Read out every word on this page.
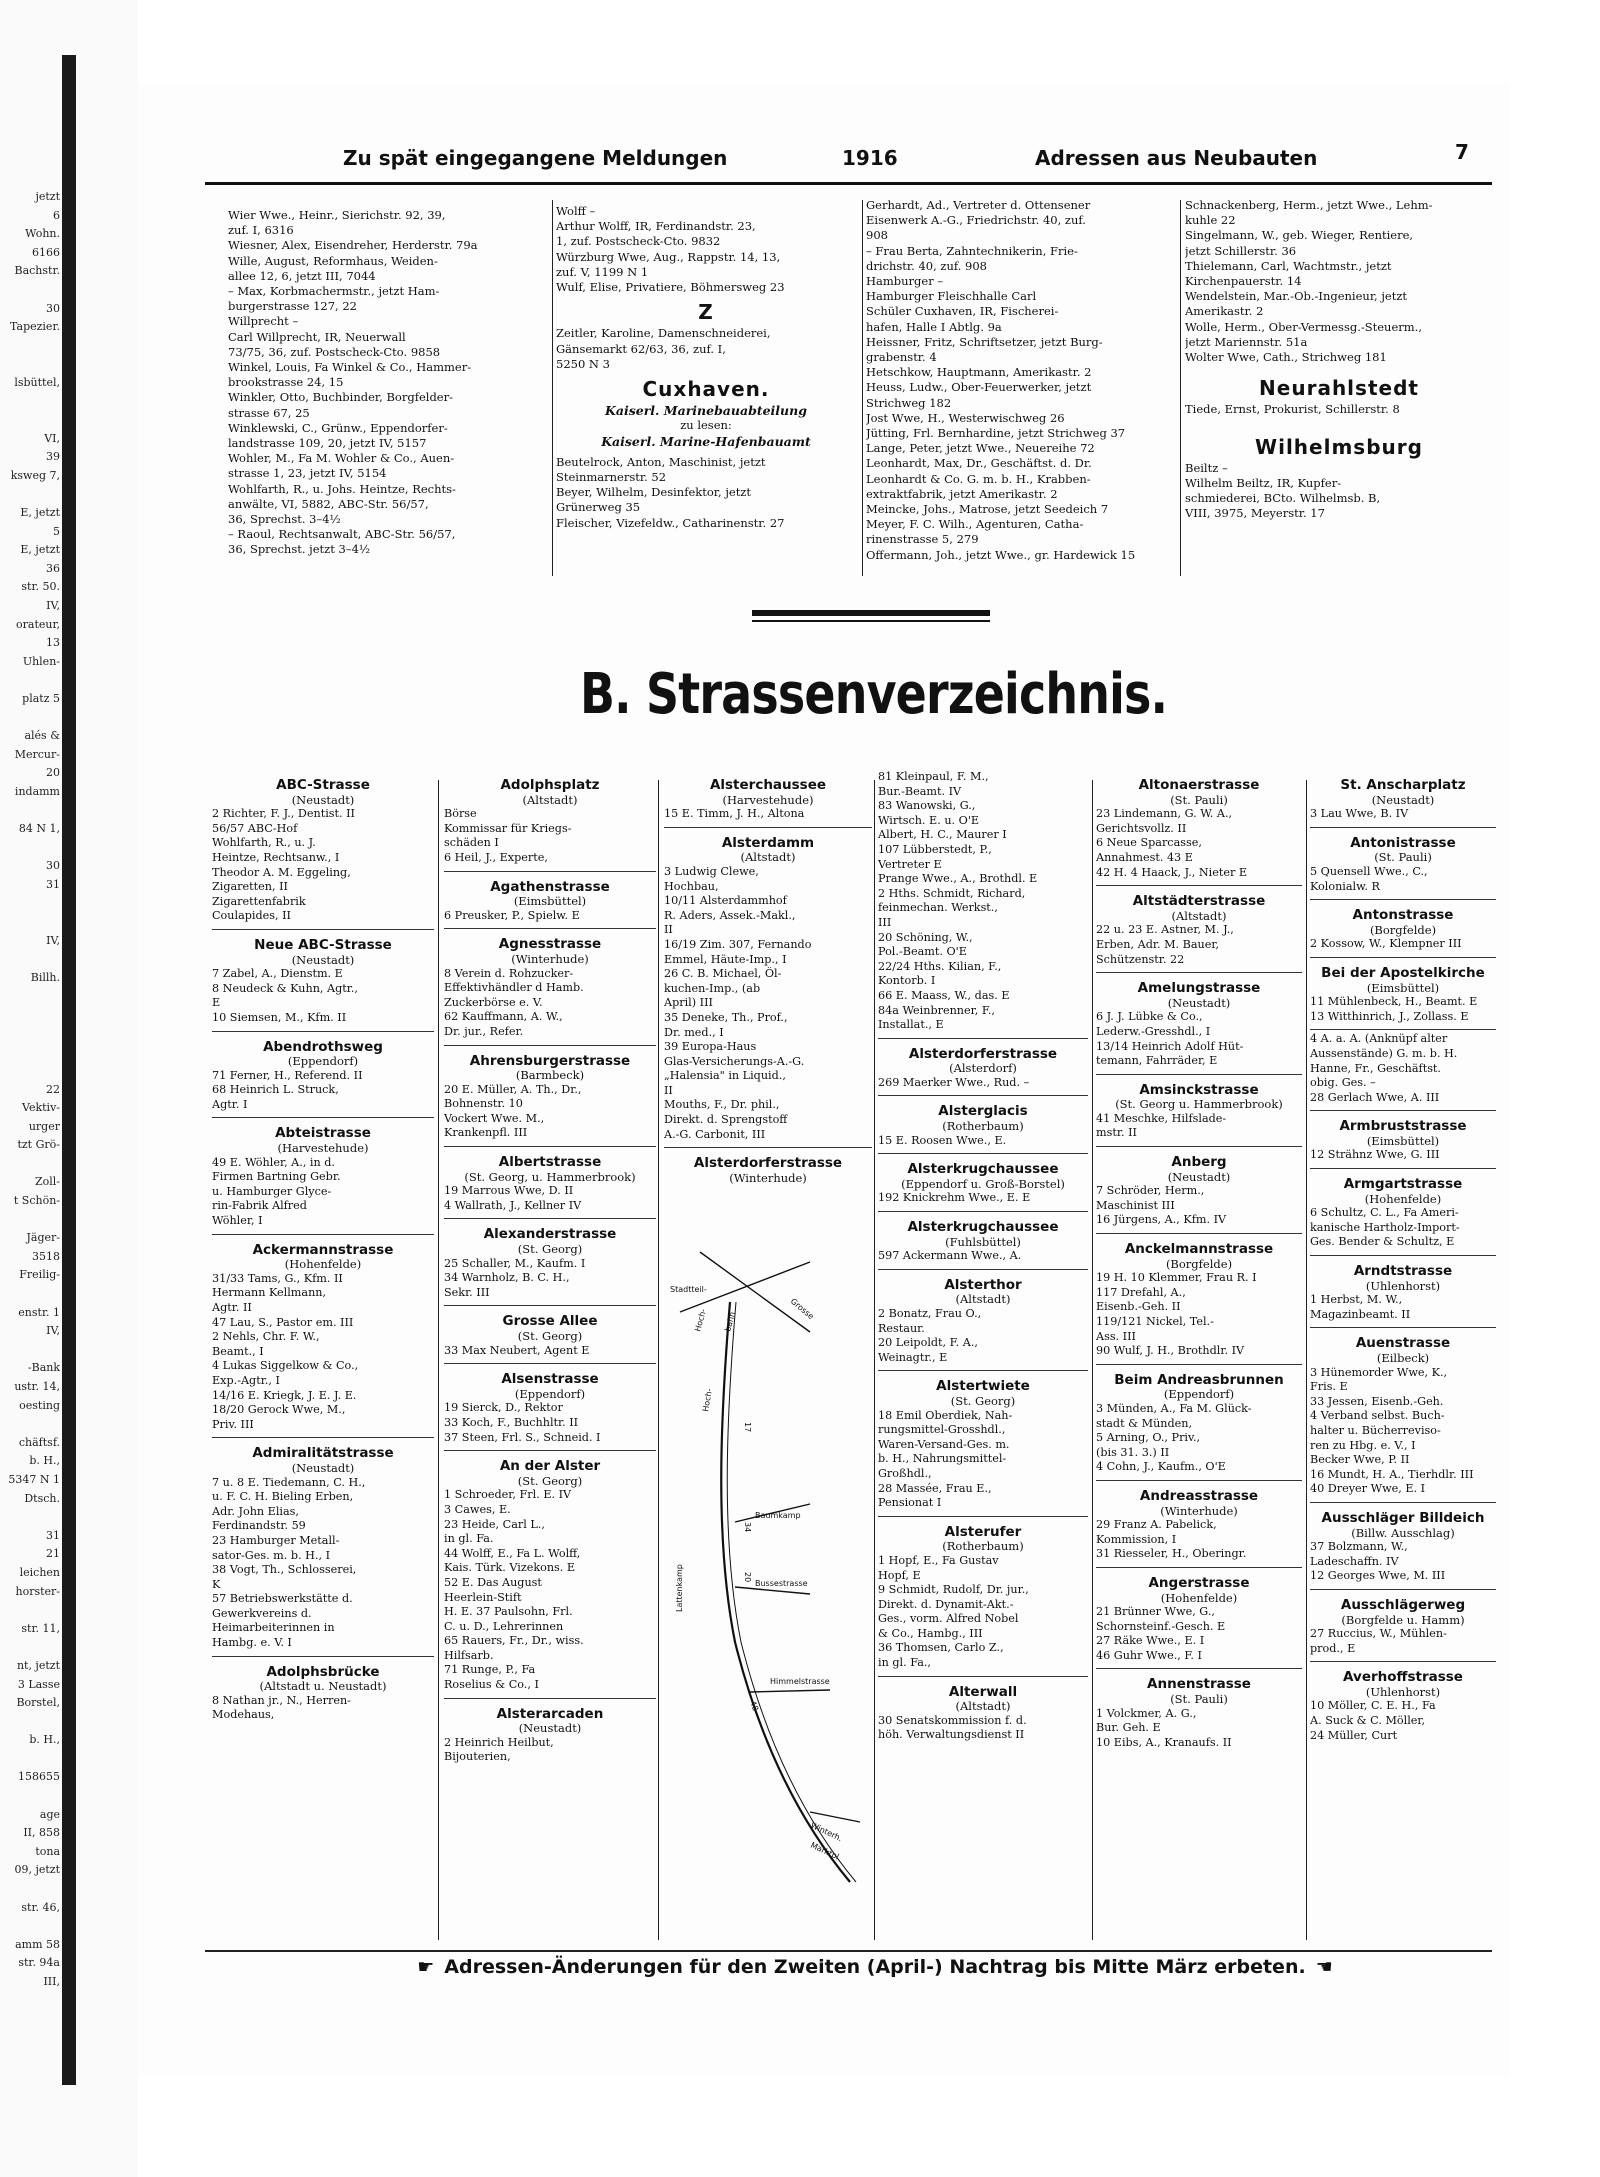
jetzt
6
Wohn.
6166
Bachstr.
30
Tapezier.
lsbüttel,
VI,
39
ksweg 7,
E, jetzt
5
E, jetzt
36
str. 50.
IV,
orateur,
13
Uhlen-
platz 5
alés &
Mercur-
20
indamm
84 N 1,
30
31
IV,
Billh.
22
Vektiv-
urger
tzt Grö-
Zoll-
t Schön-
Jäger-
3518
Freilig-
enstr. 1
IV,
-Bank
ustr. 14,
oesting
chäftsf.
b. H.,
5347 N 1
Dtsch.
31
21
leichen
horster-
str. 11,
nt, jetzt
3 Lasse
Borstel,
b. H.,
158655
age
II, 858
tona
09, jetzt
str. 46,
amm 58
str. 94a
III,
Zu spät eingegangene Meldungen	1916	Adressen aus Neubauten	7
Wier Wwe., Heinr., Sierichstr. 92, 39,
zuf. I, 6316
Wiesner, Alex, Eisendreher, Herderstr. 79a
Wille, August, Reformhaus, Weiden-
allee 12, 6, jetzt III, 7044
– Max, Korbmachermstr., jetzt Ham-
burgerstrasse 127, 22
Willprecht –
Carl Willprecht, IR, Neuerwall
73/75, 36, zuf. Postscheck-Cto. 9858
Winkel, Louis, Fa Winkel & Co., Hammer-
brookstrasse 24, 15
Winkler, Otto, Buchbinder, Borgfelder-
strasse 67, 25
Winklewski, C., Grünw., Eppendorfer-
landstrasse 109, 20, jetzt IV, 5157
Wohler, M., Fa M. Wohler & Co., Auen-
strasse 1, 23, jetzt IV, 5154
Wohlfarth, R., u. Johs. Heintze, Rechts-
anwälte, VI, 5882, ABC-Str. 56/57,
36, Sprechst. 3–4½
– Raoul, Rechtsanwalt, ABC-Str. 56/57,
36, Sprechst. jetzt 3–4½
Wolff –
Arthur Wolff, IR, Ferdinandstr. 23,
1, zuf. Postscheck-Cto. 9832
Würzburg Wwe, Aug., Rappstr. 14, 13,
zuf. V, 1199 N 1
Wulf, Elise, Privatiere, Böhmersweg 23
Z
Zeitler, Karoline, Damenschneiderei,
Gänsemarkt 62/63, 36, zuf. I,
5250 N 3
Cuxhaven.
Kaiserl. Marinebauabteilung
zu lesen:
Kaiserl. Marine-Hafenbauamt
Beutelrock, Anton, Maschinist, jetzt
Steinmarnerstr. 52
Beyer, Wilhelm, Desinfektor, jetzt
Grünerweg 35
Fleischer, Vizefeldw., Catharinenstr. 27
Gerhardt, Ad., Vertreter d. Ottensener
Eisenwerk A.-G., Friedrichstr. 40, zuf.
908
– Frau Berta, Zahntechnikerin, Frie-
drichstr. 40, zuf. 908
Hamburger –
Hamburger Fleischhalle Carl
Schüler Cuxhaven, IR, Fischerei-
hafen, Halle I Abtlg. 9a
Heissner, Fritz, Schriftsetzer, jetzt Burg-
grabenstr. 4
Hetschkow, Hauptmann, Amerikastr. 2
Heuss, Ludw., Ober-Feuerwerker, jetzt
Strichweg 182
Jost Wwe, H., Westerwischweg 26
Jütting, Frl. Bernhardine, jetzt Strichweg 37
Lange, Peter, jetzt Wwe., Neuereihe 72
Leonhardt, Max, Dr., Geschäftst. d. Dr.
Leonhardt & Co. G. m. b. H., Krabben-
extraktfabrik, jetzt Amerikastr. 2
Meincke, Johs., Matrose, jetzt Seedeich 7
Meyer, F. C. Wilh., Agenturen, Catha-
rinenstrasse 5, 279
Offermann, Joh., jetzt Wwe., gr. Hardewick 15
Schnackenberg, Herm., jetzt Wwe., Lehm-
kuhle 22
Singelmann, W., geb. Wieger, Rentiere,
jetzt Schillerstr. 36
Thielemann, Carl, Wachtmstr., jetzt
Kirchenpauerstr. 14
Wendelstein, Mar.-Ob.-Ingenieur, jetzt
Amerikastr. 2
Wolle, Herm., Ober-Vermessg.-Steuerm.,
jetzt Mariennstr. 51a
Wolter Wwe, Cath., Strichweg 181
Neurahlstedt
Tiede, Ernst, Prokurist, Schillerstr. 8
Wilhelmsburg
Beiltz –
Wilhelm Beiltz, IR, Kupfer-
schmiederei, BCto. Wilhelmsb. B,
VIII, 3975, Meyerstr. 17
B. Strassenverzeichnis.
ABC-Strasse
(Neustadt)
2 Richter, F. J., Dentist. II
56/57 ABC-Hof
Wohlfarth, R., u. J.
Heintze, Rechtsanw., I
Theodor A. M. Eggeling,
Zigaretten, II
Zigarettenfabrik
Coulapides, II
Neue ABC-Strasse
(Neustadt)
7 Zabel, A., Dienstm. E
8 Neudeck & Kuhn, Agtr.,
E
10 Siemsen, M., Kfm. II
Abendrothsweg
(Eppendorf)
71 Ferner, H., Referend. II
68 Heinrich L. Struck,
Agtr. I
Abteistrasse
(Harvestehude)
49 E. Wöhler, A., in d.
Firmen Bartning Gebr.
u. Hamburger Glyce-
rin-Fabrik Alfred
Wöhler, I
Ackermannstrasse
(Hohenfelde)
31/33 Tams, G., Kfm. II
Hermann Kellmann,
Agtr. II
47 Lau, S., Pastor em. III
2 Nehls, Chr. F. W.,
Beamt., I
4 Lukas Siggelkow & Co.,
Exp.-Agtr., I
14/16 E. Kriegk, J. E. J. E.
18/20 Gerock Wwe, M.,
Priv. III
Admiralitätstrasse
(Neustadt)
7 u. 8 E. Tiedemann, C. H.,
u. F. C. H. Bieling Erben,
Adr. John Elias,
Ferdinandstr. 59
23 Hamburger Metall-
sator-Ges. m. b. H., I
38 Vogt, Th., Schlosserei,
K
57 Betriebswerkstätte d.
Gewerkvereins d.
Heimarbeiterinnen in
Hambg. e. V. I
Adolphsbrücke
(Altstadt u. Neustadt)
8 Nathan jr., N., Herren-
Modehaus,
Adolphsplatz
(Altstadt)
Börse
Kommissar für Kriegs-
schäden I
6 Heil, J., Experte,
Agathenstrasse
(Eimsbüttel)
6 Preusker, P., Spielw. E
Agnesstrasse
(Winterhude)
8 Verein d. Rohzucker-
Effektivhändler d Hamb.
Zuckerbörse e. V.
62 Kauffmann, A. W.,
Dr. jur., Refer.
Ahrensburgerstrasse
(Barmbeck)
20 E. Müller, A. Th., Dr.,
Bohnenstr. 10
Vockert Wwe. M.,
Krankenpfl. III
Albertstrasse
(St. Georg, u. Hammerbrook)
19 Marrous Wwe, D. II
4 Wallrath, J., Kellner IV
Alexanderstrasse
(St. Georg)
25 Schaller, M., Kaufm. I
34 Warnholz, B. C. H.,
Sekr. III
Grosse Allee
(St. Georg)
33 Max Neubert, Agent E
Alsenstrasse
(Eppendorf)
19 Sierck, D., Rektor
33 Koch, F., Buchhltr. II
37 Steen, Frl. S., Schneid. I
An der Alster
(St. Georg)
1 Schroeder, Frl. E. IV
3 Cawes, E.
23 Heide, Carl L.,
in gl. Fa.
44 Wolff, E., Fa L. Wolff,
Kais. Türk. Vizekons. E
52 E. Das August
Heerlein-Stift
H. E. 37 Paulsohn, Frl.
C. u. D., Lehrerinnen
65 Rauers, Fr., Dr., wiss.
Hilfsarb.
71 Runge, P., Fa
Roselius & Co., I
Alsterarcaden
(Neustadt)
2 Heinrich Heilbut,
Bijouterien,
Alsterchaussee
(Harvestehude)
15 E. Timm, J. H., Altona
Alsterdamm
(Altstadt)
3 Ludwig Clewe,
Hochbau,
10/11 Alsterdammhof
R. Aders, Assek.-Makl.,
II
16/19 Zim. 307, Fernando
Emmel, Häute-Imp., I
26 C. B. Michael, Öl-
kuchen-Imp., (ab
April) III
35 Deneke, Th., Prof.,
Dr. med., I
39 Europa-Haus
Glas-Versicherungs-A.-G.
„Halensia" in Liquid.,
II
Mouths, F., Dr. phil.,
Direkt. d. Sprengstoff
A.-G. Carbonit, III
Alsterdorferstrasse
(Winterhude)
81 Kleinpaul, F. M.,
Bur.-Beamt. IV
83 Wanowski, G.,
Wirtsch. E. u. O'E
Albert, H. C., Maurer I
107 Lübberstedt, P.,
Vertreter E
Prange Wwe., A., Brothdl. E
2 Hths. Schmidt, Richard,
feinmechan. Werkst.,
III
20 Schöning, W.,
Pol.-Beamt. O'E
22/24 Hths. Kilian, F.,
Kontorb. I
66 E. Maass, W., das. E
84a Weinbrenner, F.,
Installat., E
Alsterdorferstrasse
(Alsterdorf)
269 Maerker Wwe., Rud. –
Alsterglacis
(Rotherbaum)
15 E. Roosen Wwe., E.
Alsterkrugchaussee
(Eppendorf u. Groß-Borstel)
192 Knickrehm Wwe., E. E
Alsterkrugchaussee
(Fuhlsbüttel)
597 Ackermann Wwe., A.
Alsterthor
(Altstadt)
2 Bonatz, Frau O.,
Restaur.
20 Leipoldt, F. A.,
Weinagtr., E
Alstertwiete
(St. Georg)
18 Emil Oberdiek, Nah-
rungsmittel-Grosshdl.,
Waren-Versand-Ges. m.
b. H., Nahrungsmittel-
Großhdl.,
28 Massée, Frau E.,
Pensionat I
Alsterufer
(Rotherbaum)
1 Hopf, E., Fa Gustav
Hopf, E
9 Schmidt, Rudolf, Dr. jur.,
Direkt. d. Dynamit-Akt.-
Ges., vorm. Alfred Nobel
& Co., Hambg., III
36 Thomsen, Carlo Z.,
in gl. Fa.,
Alterwall
(Altstadt)
30 Senatskommission f. d.
höh. Verwaltungsdienst II
Altonaerstrasse
(St. Pauli)
23 Lindemann, G. W. A.,
Gerichtsvollz. II
6 Neue Sparcasse,
Annahmest. 43 E
42 H. 4 Haack, J., Nieter E
Altstädterstrasse
(Altstadt)
22 u. 23 E. Astner, M. J.,
Erben, Adr. M. Bauer,
Schützenstr. 22
Amelungstrasse
(Neustadt)
6 J. J. Lübke & Co.,
Lederw.-Gresshdl., I
13/14 Heinrich Adolf Hüt-
temann, Fahrräder, E
Amsinckstrasse
(St. Georg u. Hammerbrook)
41 Meschke, Hilfslade-
mstr. II
Anberg
(Neustadt)
7 Schröder, Herm.,
Maschinist III
16 Jürgens, A., Kfm. IV
Anckelmannstrasse
(Borgfelde)
19 H. 10 Klemmer, Frau R. I
117 Drefahl, A.,
Eisenb.-Geh. II
119/121 Nickel, Tel.-
Ass. III
90 Wulf, J. H., Brothdlr. IV
Beim Andreasbrunnen
(Eppendorf)
3 Münden, A., Fa M. Glück-
stadt & Münden,
5 Arning, O., Priv.,
(bis 31. 3.) II
4 Cohn, J., Kaufm., O'E
Andreasstrasse
(Winterhude)
29 Franz A. Pabelick,
Kommission, I
31 Riesseler, H., Oberingr.
Angerstrasse
(Hohenfelde)
21 Brünner Wwe, G.,
Schornsteinf.-Gesch. E
27 Räke Wwe., E. I
46 Guhr Wwe., F. I
Annenstrasse
(St. Pauli)
1 Volckmer, A. G.,
Bur. Geh. E
10 Eibs, A., Kranaufs. II
St. Anscharplatz
(Neustadt)
3 Lau Wwe, B. IV
Antonistrasse
(St. Pauli)
5 Quensell Wwe., C.,
Kolonialw. R
Antonstrasse
(Borgfelde)
2 Kossow, W., Klempner III
Bei der Apostelkirche
(Eimsbüttel)
11 Mühlenbeck, H., Beamt. E
13 Witthinrich, J., Zollass. E
4 A. a. A. (Anknüpf alter
Aussenstände) G. m. b. H.
Hanne, Fr., Geschäftst.
obig. Ges. –
28 Gerlach Wwe, A. III
Armbruststrasse
(Eimsbüttel)
12 Strähnz Wwe, G. III
Armgartstrasse
(Hohenfelde)
6 Schultz, C. L., Fa Ameri-
kanische Hartholz-Import-
Ges. Bender & Schultz, E
Arndtstrasse
(Uhlenhorst)
1 Herbst, M. W.,
Magazinbeamt. II
Auenstrasse
(Eilbeck)
3 Hünemorder Wwe, K.,
Fris. E
33 Jessen, Eisenb.-Geh.
4 Verband selbst. Buch-
halter u. Bücherreviso-
ren zu Hbg. e. V., I
Becker Wwe, P. II
16 Mundt, H. A., Tierhdlr. III
40 Dreyer Wwe, E. I
Ausschläger Billdeich
(Billw. Ausschlag)
37 Bolzmann, W.,
Ladeschaffn. IV
12 Georges Wwe, M. III
Ausschlägerweg
(Borgfelde u. Hamm)
27 Ruccius, W., Mühlen-
prod., E
Averhoffstrasse
(Uhlenhorst)
10 Möller, C. E. H., Fa
A. Suck & C. Möller,
24 Müller, Curt
Stadtteil-
Hoch- bahn
Grosse
Hoch-
17
20
34
48
Baumkamp
Bussestrasse
Himmelstrasse
Lattenkamp
Winterh.
Marktpl.
☛ Adressen-Änderungen für den Zweiten (April-) Nachtrag bis Mitte März erbeten. ☚
